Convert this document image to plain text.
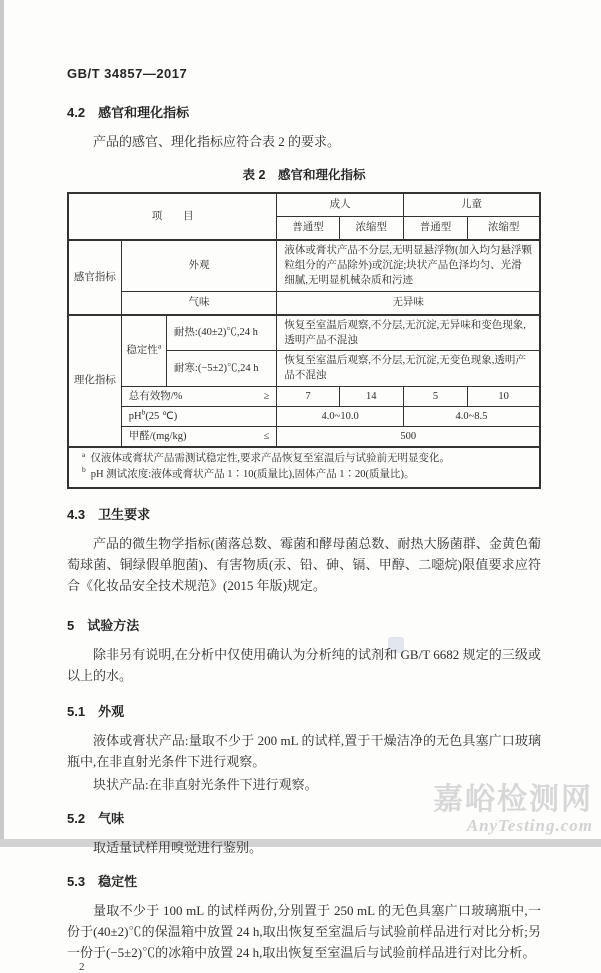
GB/T 34857—2017
4.2 感官和理化指标

产品的感官、理化指标应符合表 2 的要求。

表 2　感官和理化指标
项　　目			成人		儿童	
			普通型	浓缩型	普通型	浓缩型
感官指标	外观		液体或膏状产品不分层,无明显悬浮物(加入均匀悬浮颗粒组分的产品除外)或沉淀;块状产品色泽均匀、光滑细腻,无明显机械杂质和污迹			
	气味		无异味			
理化指标	稳定性$^a$	耐热:(40±2)℃,24 h	恢复至室温后观察,不分层,无沉淀,无异味和变色现象,透明产品不混浊			
		耐寒:(−5±2)℃,24 h	恢复至室温后观察,不分层,无沉淀,无变色现象,透明产品不混浊			

	总有效物/% ≥		7	14	5	10
	$pH^b(25$ ℃)		4.0~10.0		4.0~8.5	

	甲醛/(mg/kg) ≤		500			

$^a$ 仅液体或膏状产品需测试稳定性,要求产品恢复至室温后与试验前无明显变化。
$^b$ pH 测试浓度:液体或膏状产品 1∶10(质量比),固体产品 1∶20(质量比)。						
4.3 卫生要求

产品的微生物学指标(菌落总数、霉菌和酵母菌总数、耐热大肠菌群、金黄色葡萄球菌、铜绿假单胞菌)、有害物质(汞、铅、砷、镉、甲醇、二噁烷)限值要求应符合《化妆品安全技术规范》(2015 年版)规定。

5 试验方法

除非另有说明,在分析中仅使用确认为分析纯的试剂和 GB/T 6682 规定的三级或以上的水。

5.1 外观

液体或膏状产品:量取不少于 200 mL 的试样,置于干燥洁净的无色具塞广口玻璃瓶中,在非直射光条件下进行观察。

块状产品:在非直射光条件下进行观察。

5.2 气味

取适量试样用嗅觉进行鉴别。

5.3 稳定性

量取不少于 100 mL 的试样两份,分别置于 250 mL 的无色具塞广口玻璃瓶中,一份于(40±2)℃的保温箱中放置 24 h,取出恢复至室温后与试验前样品进行对比分析;另一份于(−5±2)℃的冰箱中放置 24 h,取出恢复至室温后与试验前样品进行对比分析。

2

嘉峪检测网
AnyTesting.com
